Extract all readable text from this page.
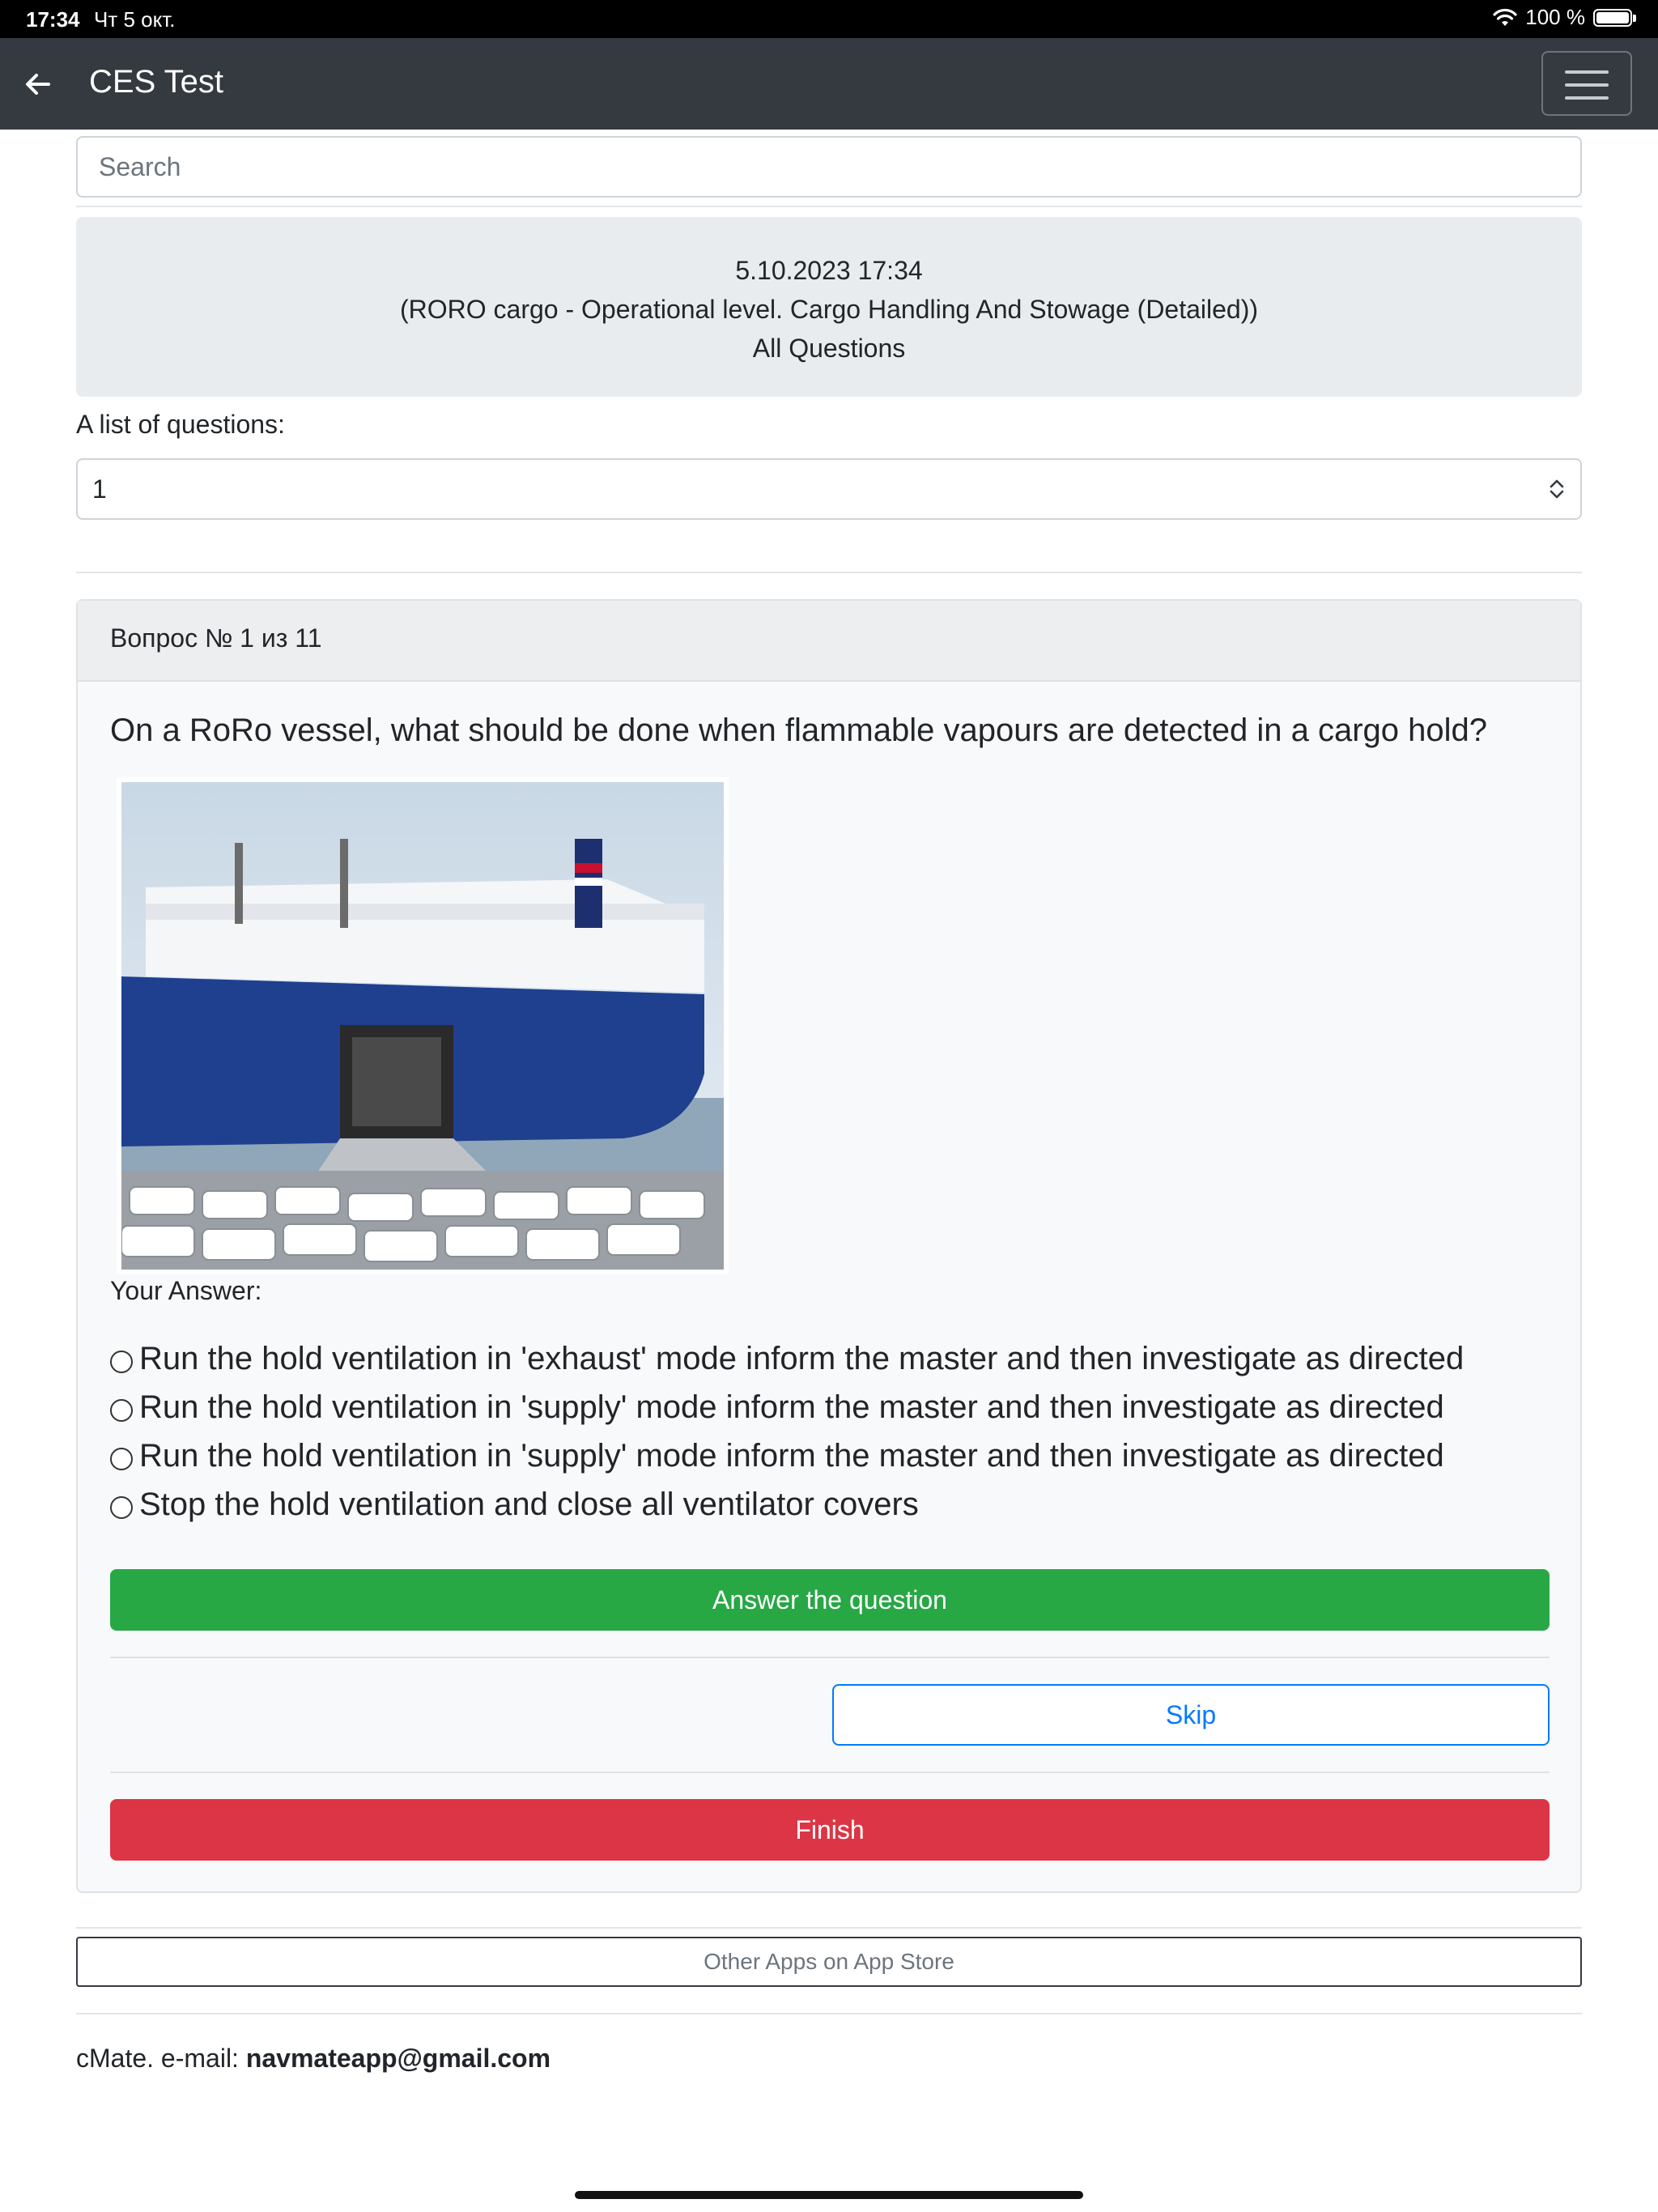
17:34 Чт 5 окт.	100 %
CES Test
Search
5.10.2023 17:34
(RORO cargo - Operational level. Cargo Handling And Stowage (Detailed))
All Questions
A list of questions:
1
Вопрос № 1 из 11
On a RoRo vessel, what should be done when flammable vapours are detected in a cargo hold?
Your Answer:
Run the hold ventilation in 'exhaust' mode inform the master and then investigate as directed
Run the hold ventilation in 'supply' mode inform the master and then investigate as directed
Run the hold ventilation in 'supply' mode inform the master and then investigate as directed
Stop the hold ventilation and close all ventilator covers
Answer the question
Skip
Finish
Other Apps on App Store
cMate. e-mail: navmateapp@gmail.com
